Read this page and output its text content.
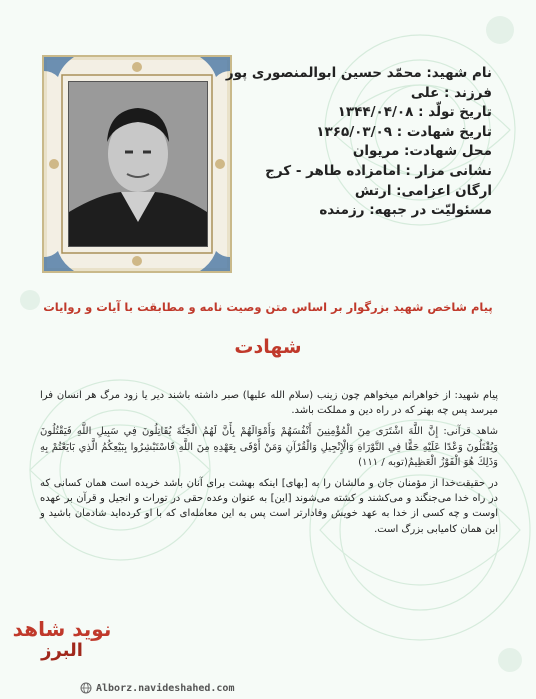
نام شهید: محمّد حسین ابوالمنصوری پور
فرزند : علی
تاریخ تولّد : ۱۳۴۴/۰۴/۰۸
تاریخ شهادت : ۱۳۶۵/۰۳/۰۹
محل شهادت: مریوان
نشانی مزار : امامزاده طاهر - کرج
ارگان اعزامی: ارتش
مسئولیّت در جبهه: رزمنده
پیام شاخص شهید بزرگوار بر اساس متن وصیت نامه و مطابقت با آیات و روایات
شهادت

پیام شهید: از خواهرانم میخواهم چون زینب (سلام الله علیها) صبر داشته باشند دیر یا زود مرگ هر انسان فرا میرسد پس چه بهتر که در راه دین و مملکت باشد.

شاهد قرآنی: إِنَّ اللَّهَ اشْتَرَى مِنَ الْمُؤْمِنِينَ أَنْفُسَهُمْ وَأَمْوَالَهُمْ بِأَنَّ لَهُمُ الْجَنَّةَ يُقَاتِلُونَ فِي سَبِيلِ اللَّهِ فَيَقْتُلُونَ وَيُقْتَلُونَ وَعْدًا عَلَيْهِ حَقًّا فِي التَّوْرَاةِ وَالْإِنْجِيلِ وَالْقُرْآنِ وَمَنْ أَوْفَى بِعَهْدِهِ مِنَ اللَّهِ فَاسْتَبْشِرُوا بِبَيْعِكُمُ الَّذِي بَايَعْتُمْ بِهِ وَذَلِكَ هُوَ الْفَوْزُ الْعَظِيمُ(توبه / ۱۱۱)

در حقیقت‌خدا از مؤمنان جان و مالشان را به [بهای] اینکه بهشت برای آنان باشد خریده است همان کسانی که در راه خدا می‌جنگند و می‌کشند و کشته می‌شوند [این] به عنوان وعده حقی در تورات و انجیل و قرآن بر عهده اوست و چه کسی از خدا به عهد خویش وفادارتر است پس به این معامله‌ای که با او کرده‌اید شادمان باشید و این همان کامیابی بزرگ است.

نوید شاهد
البرز
Alborz.navideshahed.com
